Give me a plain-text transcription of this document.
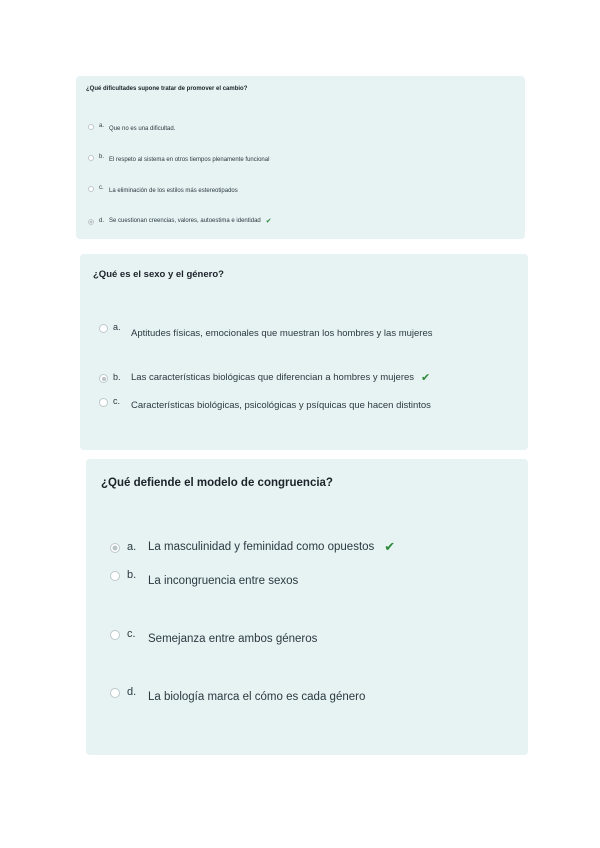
¿Qué dificultades supone tratar de promover el cambio?
a. Que no es una dificultad.
b. El respeto al sistema en otros tiempos plenamente funcional
c. La eliminación de los estilos más estereotipados
d. Se cuestionan creencias, valores, autoestima e identidad ✔
¿Qué es el sexo y el género?
a.
Aptitudes físicas, emocionales que muestran los hombres y las mujeres
b.	Las características biológicas que diferencian a hombres y mujeres ✔
c.	Características biológicas, psicológicas y psíquicas que hacen distintos
¿Qué defiende el modelo de congruencia?
a.	La masculinidad y feminidad como opuestos ✔
b.	La incongruencia entre sexos
c.	Semejanza entre ambos géneros
d.	La biología marca el cómo es cada género
